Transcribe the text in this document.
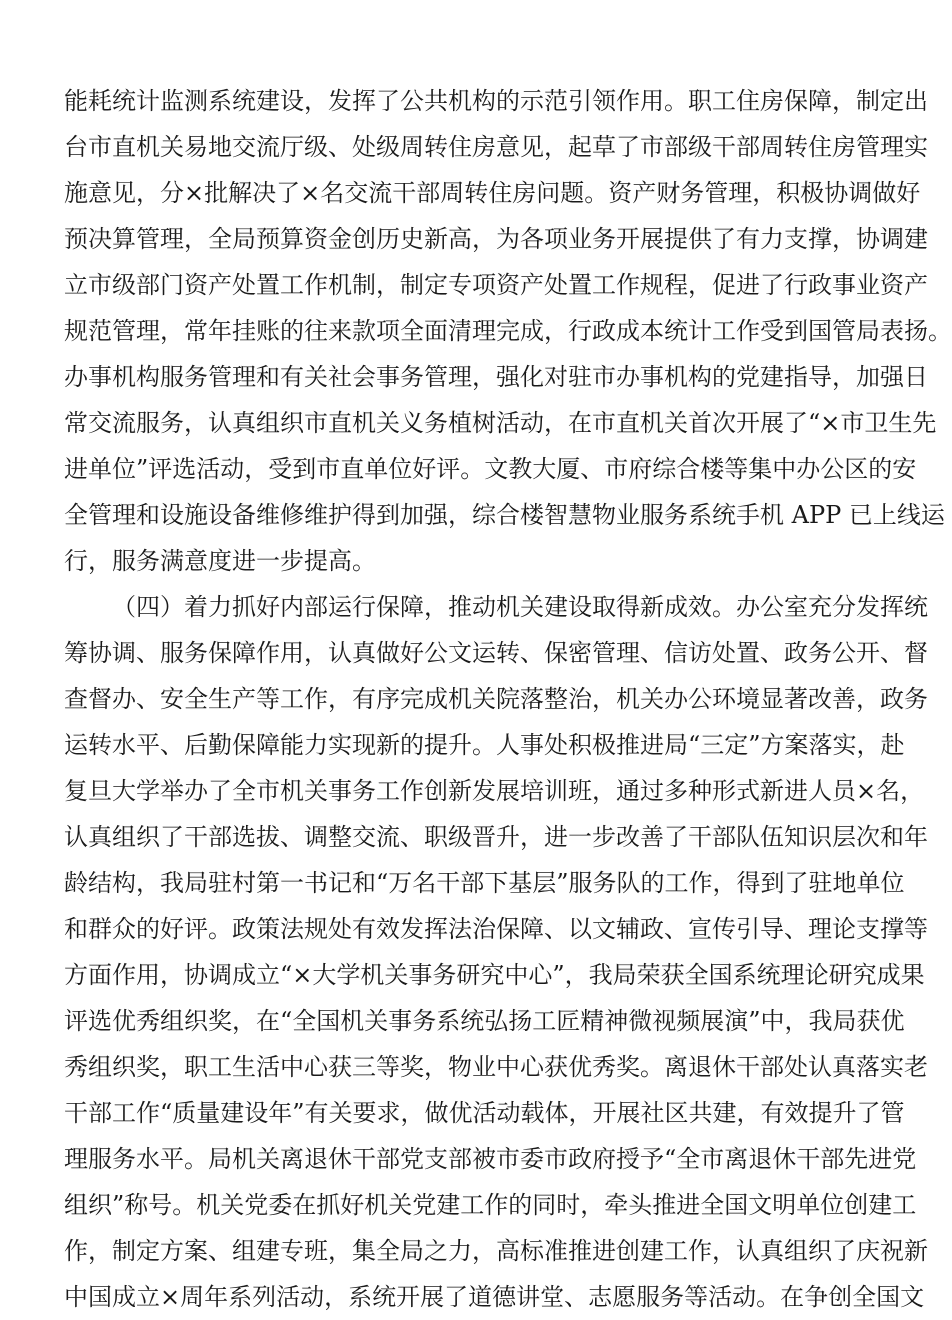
能耗统计监测系统建设，发挥了公共机构的示范引领作用。职工住房保障，制定出
台市直机关易地交流厅级、处级周转住房意见，起草了市部级干部周转住房管理实
施意见，分×批解决了×名交流干部周转住房问题。资产财务管理，积极协调做好
预决算管理，全局预算资金创历史新高，为各项业务开展提供了有力支撑，协调建
立市级部门资产处置工作机制，制定专项资产处置工作规程，促进了行政事业资产
规范管理，常年挂账的往来款项全面清理完成，行政成本统计工作受到国管局表扬。
办事机构服务管理和有关社会事务管理，强化对驻市办事机构的党建指导，加强日
常交流服务，认真组织市直机关义务植树活动，在市直机关首次开展了“×市卫生先
进单位”评选活动，受到市直单位好评。文教大厦、市府综合楼等集中办公区的安
全管理和设施设备维修维护得到加强，综合楼智慧物业服务系统手机 APP 已上线运
行，服务满意度进一步提高。
（四）着力抓好内部运行保障，推动机关建设取得新成效。办公室充分发挥统
筹协调、服务保障作用，认真做好公文运转、保密管理、信访处置、政务公开、督
查督办、安全生产等工作，有序完成机关院落整治，机关办公环境显著改善，政务
运转水平、后勤保障能力实现新的提升。人事处积极推进局“三定”方案落实，赴
复旦大学举办了全市机关事务工作创新发展培训班，通过多种形式新进人员×名，
认真组织了干部选拔、调整交流、职级晋升，进一步改善了干部队伍知识层次和年
龄结构，我局驻村第一书记和“万名干部下基层”服务队的工作，得到了驻地单位
和群众的好评。政策法规处有效发挥法治保障、以文辅政、宣传引导、理论支撑等
方面作用，协调成立“×大学机关事务研究中心”，我局荣获全国系统理论研究成果
评选优秀组织奖，在“全国机关事务系统弘扬工匠精神微视频展演”中，我局获优
秀组织奖，职工生活中心获三等奖，物业中心获优秀奖。离退休干部处认真落实老
干部工作“质量建设年”有关要求，做优活动载体，开展社区共建，有效提升了管
理服务水平。局机关离退休干部党支部被市委市政府授予“全市离退休干部先进党
组织”称号。机关党委在抓好机关党建工作的同时，牵头推进全国文明单位创建工
作，制定方案、组建专班，集全局之力，高标准推进创建工作，认真组织了庆祝新
中国成立×周年系列活动，系统开展了道德讲堂、志愿服务等活动。在争创全国文
